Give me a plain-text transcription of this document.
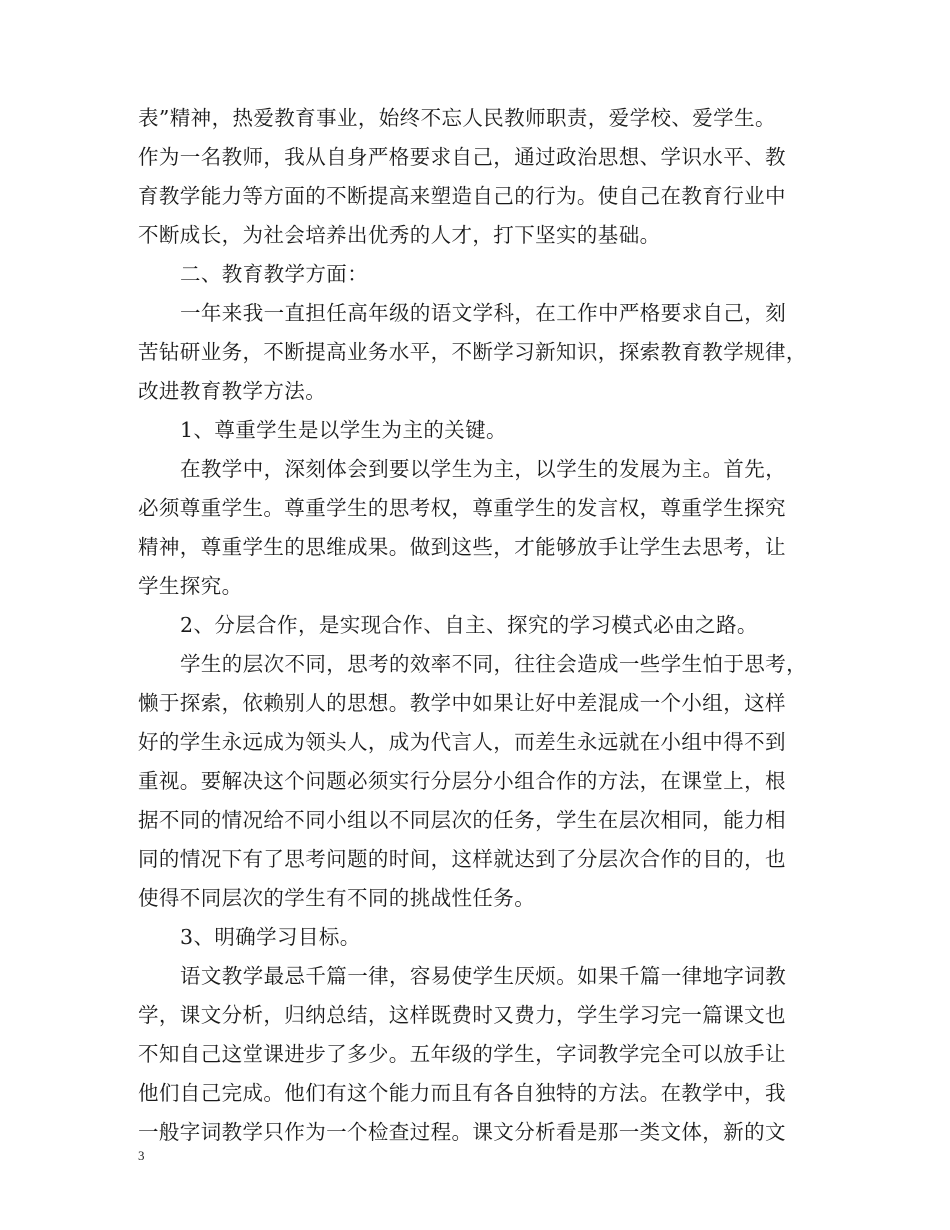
表”精神，热爱教育事业，始终不忘人民教师职责，爱学校、爱学生。
作为一名教师，我从自身严格要求自己，通过政治思想、学识水平、教
育教学能力等方面的不断提高来塑造自己的行为。使自己在教育行业中
不断成长，为社会培养出优秀的人才，打下坚实的基础。
二、教育教学方面：
一年来我一直担任高年级的语文学科，在工作中严格要求自己，刻
苦钻研业务，不断提高业务水平，不断学习新知识，探索教育教学规律，
改进教育教学方法。
1、尊重学生是以学生为主的关键。
在教学中，深刻体会到要以学生为主，以学生的发展为主。首先，
必须尊重学生。尊重学生的思考权，尊重学生的发言权，尊重学生探究
精神，尊重学生的思维成果。做到这些，才能够放手让学生去思考，让
学生探究。
2、分层合作，是实现合作、自主、探究的学习模式必由之路。
学生的层次不同，思考的效率不同，往往会造成一些学生怕于思考，
懒于探索，依赖别人的思想。教学中如果让好中差混成一个小组，这样
好的学生永远成为领头人，成为代言人，而差生永远就在小组中得不到
重视。要解决这个问题必须实行分层分小组合作的方法，在课堂上，根
据不同的情况给不同小组以不同层次的任务，学生在层次相同，能力相
同的情况下有了思考问题的时间，这样就达到了分层次合作的目的，也
使得不同层次的学生有不同的挑战性任务。
3、明确学习目标。
语文教学最忌千篇一律，容易使学生厌烦。如果千篇一律地字词教
学，课文分析，归纳总结，这样既费时又费力，学生学习完一篇课文也
不知自己这堂课进步了多少。五年级的学生，字词教学完全可以放手让
他们自己完成。他们有这个能力而且有各自独特的方法。在教学中，我
一般字词教学只作为一个检查过程。课文分析看是那一类文体，新的文
3
